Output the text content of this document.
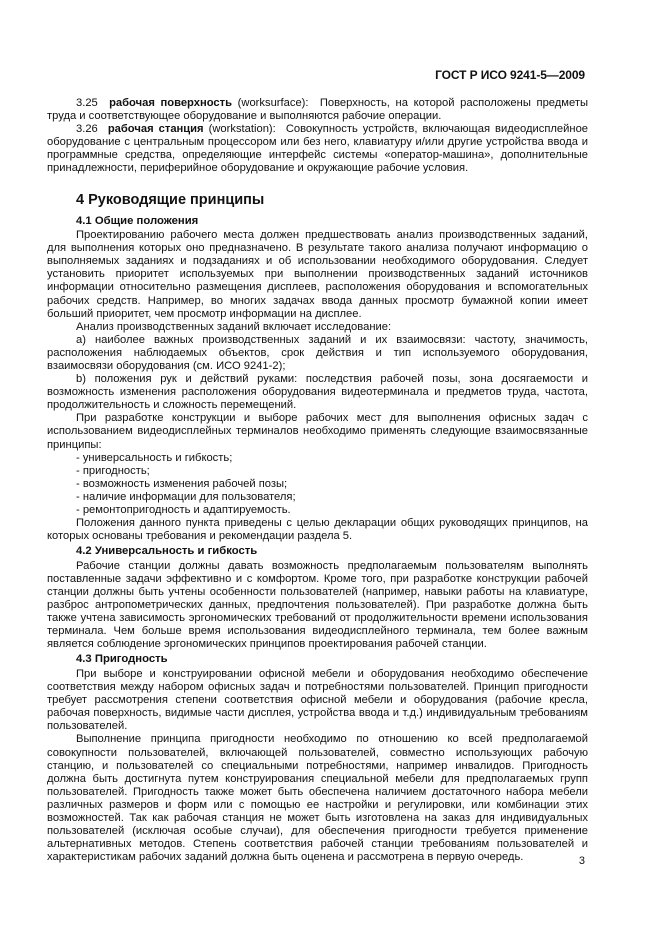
ГОСТ Р ИСО 9241-5—2009

3.25 рабочая поверхность (worksurface): Поверхность, на которой расположены предметы труда и соответствующее оборудование и выполняются рабочие операции.

3.26 рабочая станция (workstation): Совокупность устройств, включающая видеодисплейное оборудование с центральным процессором или без него, клавиатуру и/или другие устройства ввода и программные средства, определяющие интерфейс системы «оператор-машина», дополнительные принадлежности, периферийное оборудование и окружающие рабочие условия.

4 Руководящие принципы
4.1 Общие положения

Проектированию рабочего места должен предшествовать анализ производственных заданий, для выполнения которых оно предназначено. В результате такого анализа получают информацию о выполняемых заданиях и подзаданиях и об использовании необходимого оборудования. Следует установить приоритет используемых при выполнении производственных заданий источников информации относительно размещения дисплеев, расположения оборудования и вспомогательных рабочих средств. Например, во многих задачах ввода данных просмотр бумажной копии имеет больший приоритет, чем просмотр информации на дисплее.

Анализ производственных заданий включает исследование:

a) наиболее важных производственных заданий и их взаимосвязи: частоту, значимость, расположения наблюдаемых объектов, срок действия и тип используемого оборудования, взаимосвязи оборудования (см. ИСО 9241-2);

b) положения рук и действий руками: последствия рабочей позы, зона досягаемости и возможность изменения расположения оборудования видеотерминала и предметов труда, частота, продолжительность и сложность перемещений.

При разработке конструкции и выборе рабочих мест для выполнения офисных задач с использованием видеодисплейных терминалов необходимо применять следующие взаимосвязанные принципы:

- универсальность и гибкость;

- пригодность;

- возможность изменения рабочей позы;

- наличие информации для пользователя;

- ремонтопригодность и адаптируемость.

Положения данного пункта приведены с целью декларации общих руководящих принципов, на которых основаны требования и рекомендации раздела 5.

4.2 Универсальность и гибкость

Рабочие станции должны давать возможность предполагаемым пользователям выполнять поставленные задачи эффективно и с комфортом. Кроме того, при разработке конструкции рабочей станции должны быть учтены особенности пользователей (например, навыки работы на клавиатуре, разброс антропометрических данных, предпочтения пользователей). При разработке должна быть также учтена зависимость эргономических требований от продолжительности времени использования терминала. Чем больше время использования видеодисплейного терминала, тем более важным является соблюдение эргономических принципов проектирования рабочей станции.

4.3 Пригодность

При выборе и конструировании офисной мебели и оборудования необходимо обеспечение соответствия между набором офисных задач и потребностями пользователей. Принцип пригодности требует рассмотрения степени соответствия офисной мебели и оборудования (рабочие кресла, рабочая поверхность, видимые части дисплея, устройства ввода и т.д.) индивидуальным требованиям пользователей.

Выполнение принципа пригодности необходимо по отношению ко всей предполагаемой совокупности пользователей, включающей пользователей, совместно использующих рабочую станцию, и пользователей со специальными потребностями, например инвалидов. Пригодность должна быть достигнута путем конструирования специальной мебели для предполагаемых групп пользователей. Пригодность также может быть обеспечена наличием достаточного набора мебели различных размеров и форм или с помощью ее настройки и регулировки, или комбинации этих возможностей. Так как рабочая станция не может быть изготовлена на заказ для индивидуальных пользователей (исключая особые случаи), для обеспечения пригодности требуется применение альтернативных методов. Степень соответствия рабочей станции требованиям пользователей и характеристикам рабочих заданий должна быть оценена и рассмотрена в первую очередь.	3
